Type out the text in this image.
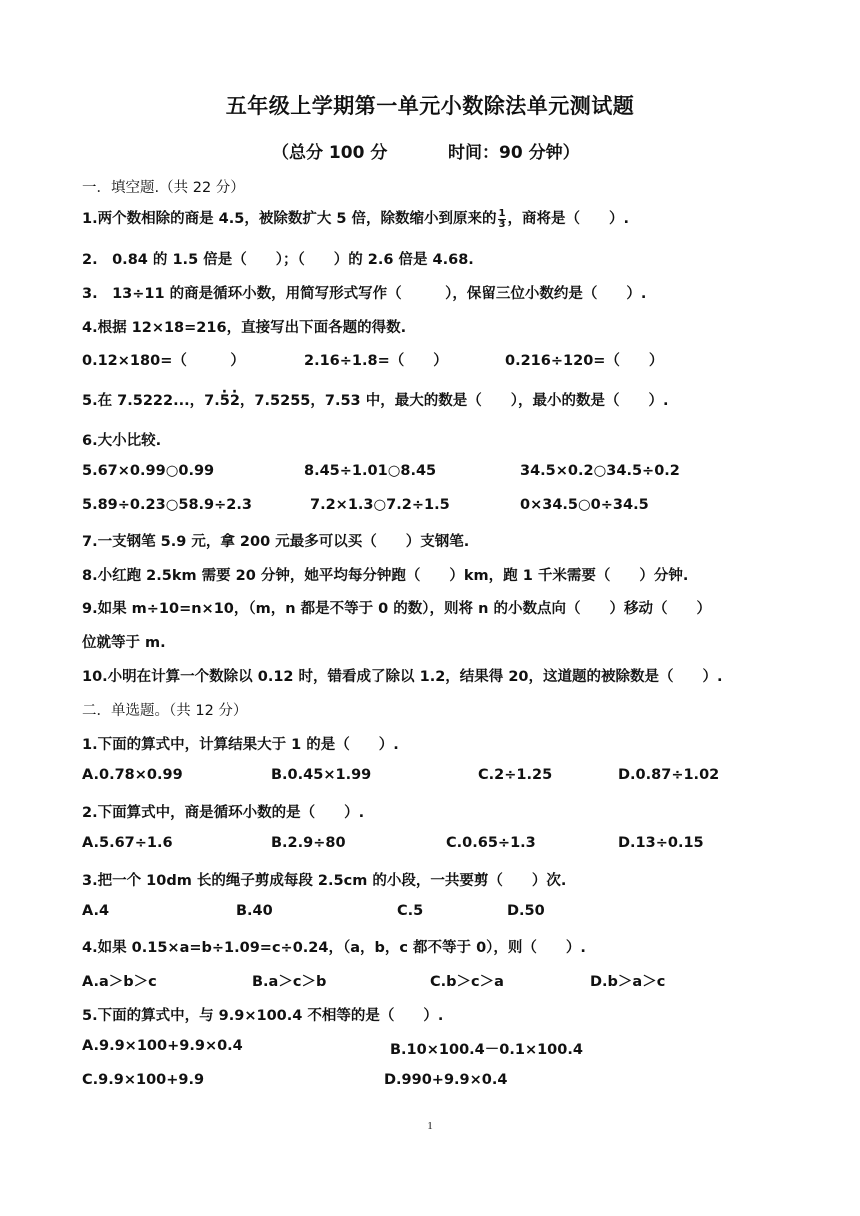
五年级上学期第一单元小数除法单元测试题
（总分 100 分	时间：90 分钟）
一．填空题.（共 22 分）
1.两个数相除的商是 4.5，被除数扩大 5 倍，除数缩小到原来的 $\frac{1}{3}$ ，商将是（　　）.
2.　0.84 的 1.5 倍是（　　）；（　　）的 2.6 倍是 4.68.
3.　13÷11 的商是循环小数，用简写形式写作（　　　），保留三位小数约是（　　）.
4.根据 12×18=216，直接写出下面各题的得数.
0.12×180=（　　　）	2.16÷1.8=（　　）	0.216÷120=（　　）
5.在 7.5222...，7.· 5· 2，7.5255，7.53 中，最大的数是（　　），最小的数是（　　）.
6.大小比较.
5.67×0.99○0.99	8.45÷1.01○8.45	34.5×0.2○34.5÷0.2
5.89÷0.23○58.9÷2.3	7.2×1.3○7.2÷1.5	0×34.5○0÷34.5
7.一支钢笔 5.9 元，拿 200 元最多可以买（　　）支钢笔.
8.小红跑 2.5km 需要 20 分钟，她平均每分钟跑（　　）km，跑 1 千米需要（　　）分钟.
9.如果 m÷10=n×10，（m，n 都是不等于 0 的数），则将 n 的小数点向（　　）移动（　　）
位就等于 m.
10.小明在计算一个数除以 0.12 时，错看成了除以 1.2，结果得 20，这道题的被除数是（　　）.
二．单选题。（共 12 分）
1.下面的算式中，计算结果大于 1 的是（　　）.
A.0.78×0.99	B.0.45×1.99	C.2÷1.25	D.0.87÷1.02
2.下面算式中，商是循环小数的是（　　）.
A.5.67÷1.6	B.2.9÷80	C.0.65÷1.3	D.13÷0.15
3.把一个 10dm 长的绳子剪成每段 2.5cm 的小段，一共要剪（　　）次.
A.4	B.40	C.5	D.50
4.如果 0.15×a=b÷1.09=c÷0.24，（a，b，c 都不等于 0），则（　　）.
A.a＞b＞c	B.a＞c＞b	C.b＞c＞a	D.b＞a＞c
5.下面的算式中，与 9.9×100.4 不相等的是（　　）.
A.9.9×100+9.9×0.4	B.10×100.4－0.1×100.4
C.9.9×100+9.9	D.990+9.9×0.4
1
